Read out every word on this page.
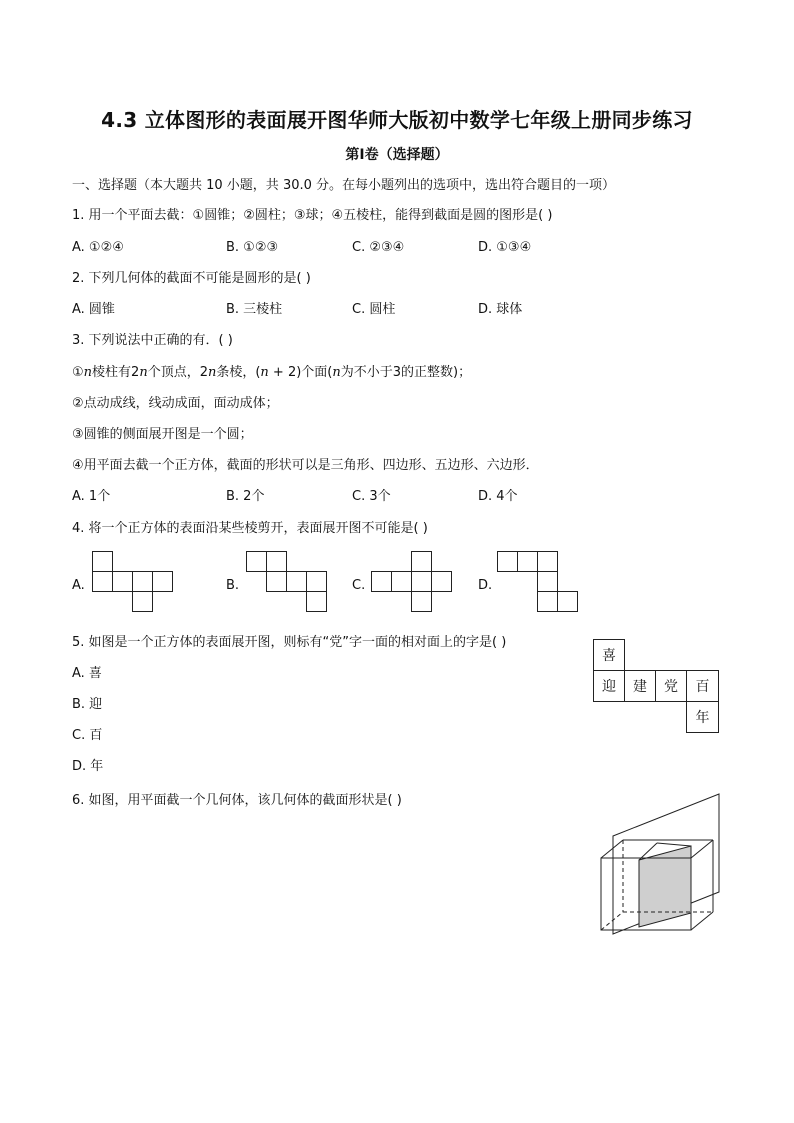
4.3 立体图形的表面展开图华师大版初中数学七年级上册同步练习
第I卷（选择题）
一、选择题（本大题共 10 小题，共 30.0 分。在每小题列出的选项中，选出符合题目的一项）
1. 用一个平面去截：①圆锥；②圆柱；③球；④五棱柱，能得到截面是圆的图形是( )
A. ①②④	B. ①②③	C. ②③④	D. ①③④
2. 下列几何体的截面不可能是圆形的是( )
A. 圆锥	B. 三棱柱	C. 圆柱	D. 球体
3. 下列说法中正确的有．( )
①n棱柱有2n个顶点，2n条棱，(n + 2)个面(n为不小于3的正整数)；
②点动成线，线动成面，面动成体；
③圆锥的侧面展开图是一个圆；
④用平面去截一个正方体，截面的形状可以是三角形、四边形、五边形、六边形．
A. 1个	B. 2个	C. 3个	D. 4个
4. 将一个正方体的表面沿某些棱剪开，表面展开图不可能是( )
A.	B.	C.	D.
5. 如图是一个正方体的表面展开图，则标有“党”字一面的相对面上的字是( )
A. 喜
B. 迎
C. 百
D. 年
喜
迎	建	党	百
年
6. 如图，用平面截一个几何体，该几何体的截面形状是( )
